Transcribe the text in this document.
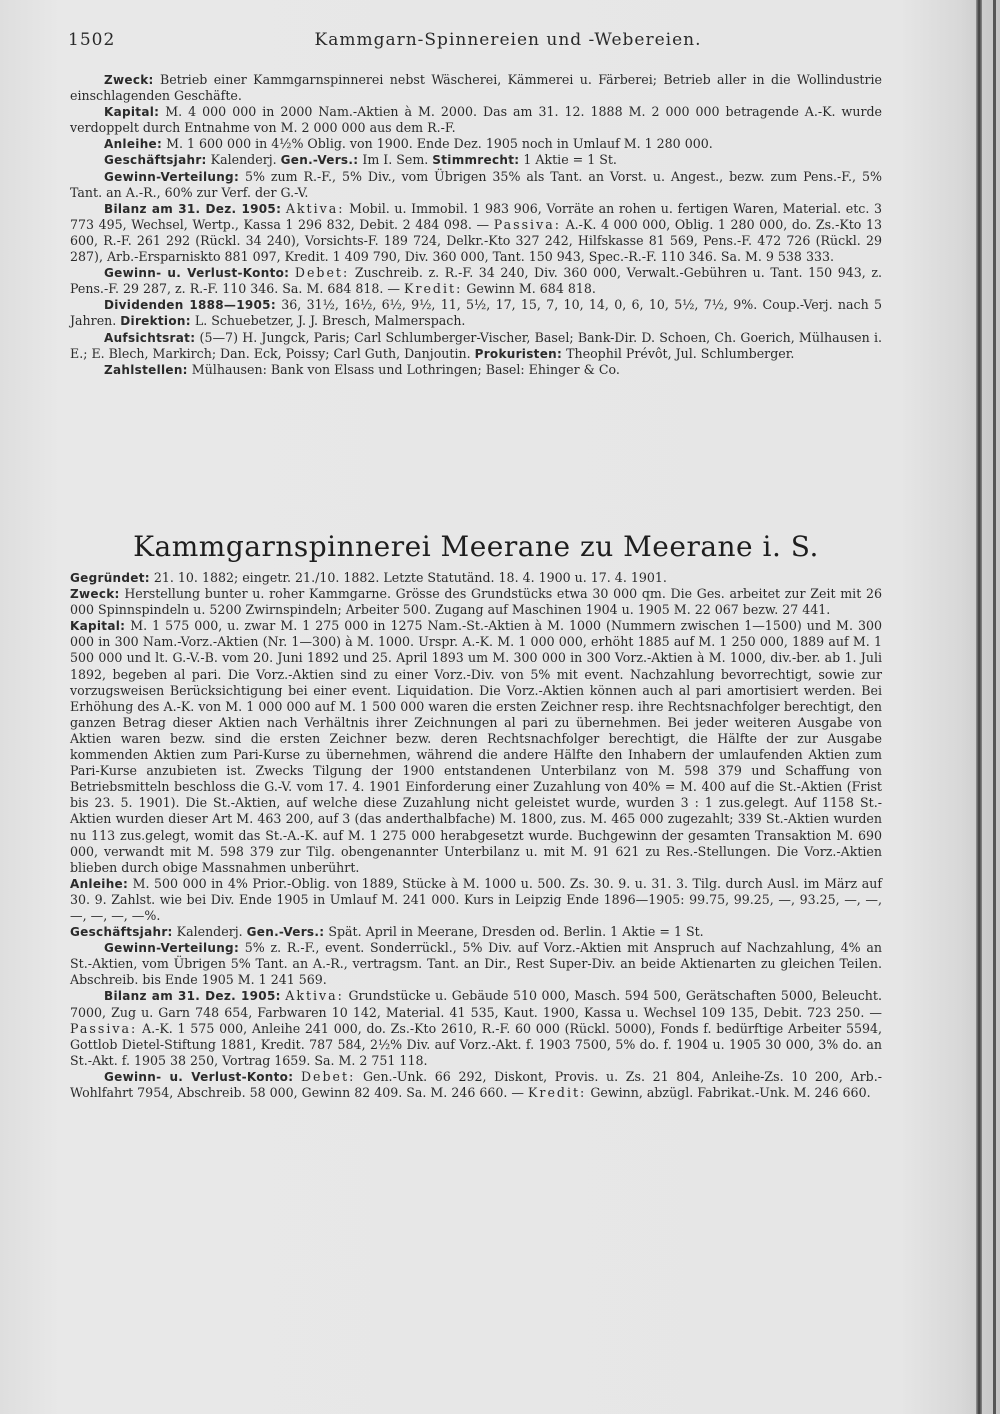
1502	Kammgarn-Spinnereien und -Webereien.

Zweck: Betrieb einer Kammgarnspinnerei nebst Wäscherei, Kämmerei u. Färberei; Betrieb aller in die Wollindustrie einschlagenden Geschäfte.

Kapital: M. 4 000 000 in 2000 Nam.-Aktien à M. 2000. Das am 31. 12. 1888 M. 2 000 000 betragende A.-K. wurde verdoppelt durch Entnahme von M. 2 000 000 aus dem R.-F.

Anleihe: M. 1 600 000 in 4½% Oblig. von 1900. Ende Dez. 1905 noch in Umlauf M. 1 280 000.

Geschäftsjahr: Kalenderj. Gen.-Vers.: Im I. Sem. Stimmrecht: 1 Aktie = 1 St.

Gewinn-Verteilung: 5% zum R.-F., 5% Div., vom Übrigen 35% als Tant. an Vorst. u. Angest., bezw. zum Pens.-F., 5% Tant. an A.-R., 60% zur Verf. der G.-V.

Bilanz am 31. Dez. 1905: Aktiva: Mobil. u. Immobil. 1 983 906, Vorräte an rohen u. fertigen Waren, Material. etc. 3 773 495, Wechsel, Wertp., Kassa 1 296 832, Debit. 2 484 098. — Passiva: A.-K. 4 000 000, Oblig. 1 280 000, do. Zs.-Kto 13 600, R.-F. 261 292 (Rückl. 34 240), Vorsichts-F. 189 724, Delkr.-Kto 327 242, Hilfskasse 81 569, Pens.-F. 472 726 (Rückl. 29 287), Arb.-Ersparniskto 881 097, Kredit. 1 409 790, Div. 360 000, Tant. 150 943, Spec.-R.-F. 110 346. Sa. M. 9 538 333.

Gewinn- u. Verlust-Konto: Debet: Zuschreib. z. R.-F. 34 240, Div. 360 000, Verwalt.-Gebühren u. Tant. 150 943, z. Pens.-F. 29 287, z. R.-F. 110 346. Sa. M. 684 818. — Kredit: Gewinn M. 684 818.

Dividenden 1888—1905: 36, 31½, 16½, 6½, 9½, 11, 5½, 17, 15, 7, 10, 14, 0, 6, 10, 5½, 7½, 9%. Coup.-Verj. nach 5 Jahren. Direktion: L. Schuebetzer, J. J. Bresch, Malmerspach.

Aufsichtsrat: (5—7) H. Jungck, Paris; Carl Schlumberger-Vischer, Basel; Bank-Dir. D. Schoen, Ch. Goerich, Mülhausen i. E.; E. Blech, Markirch; Dan. Eck, Poissy; Carl Guth, Danjoutin. Prokuristen: Theophil Prévôt, Jul. Schlumberger.

Zahlstellen: Mülhausen: Bank von Elsass und Lothringen; Basel: Ehinger & Co.

Kammgarnspinnerei Meerane zu Meerane i. S.

Gegründet: 21. 10. 1882; eingetr. 21./10. 1882. Letzte Statutänd. 18. 4. 1900 u. 17. 4. 1901.

Zweck: Herstellung bunter u. roher Kammgarne. Grösse des Grundstücks etwa 30 000 qm. Die Ges. arbeitet zur Zeit mit 26 000 Spinnspindeln u. 5200 Zwirnspindeln; Arbeiter 500. Zugang auf Maschinen 1904 u. 1905 M. 22 067 bezw. 27 441.

Kapital: M. 1 575 000, u. zwar M. 1 275 000 in 1275 Nam.-St.-Aktien à M. 1000 (Nummern zwischen 1—1500) und M. 300 000 in 300 Nam.-Vorz.-Aktien (Nr. 1—300) à M. 1000. Urspr. A.-K. M. 1 000 000, erhöht 1885 auf M. 1 250 000, 1889 auf M. 1 500 000 und lt. G.-V.-B. vom 20. Juni 1892 und 25. April 1893 um M. 300 000 in 300 Vorz.-Aktien à M. 1000, div.-ber. ab 1. Juli 1892, begeben al pari. Die Vorz.-Aktien sind zu einer Vorz.-Div. von 5% mit event. Nachzahlung bevorrechtigt, sowie zur vorzugsweisen Berücksichtigung bei einer event. Liquidation. Die Vorz.-Aktien können auch al pari amortisiert werden. Bei Erhöhung des A.-K. von M. 1 000 000 auf M. 1 500 000 waren die ersten Zeichner resp. ihre Rechtsnachfolger berechtigt, den ganzen Betrag dieser Aktien nach Verhältnis ihrer Zeichnungen al pari zu übernehmen. Bei jeder weiteren Ausgabe von Aktien waren bezw. sind die ersten Zeichner bezw. deren Rechtsnachfolger berechtigt, die Hälfte der zur Ausgabe kommenden Aktien zum Pari-Kurse zu übernehmen, während die andere Hälfte den Inhabern der umlaufenden Aktien zum Pari-Kurse anzubieten ist. Zwecks Tilgung der 1900 entstandenen Unterbilanz von M. 598 379 und Schaffung von Betriebsmitteln beschloss die G.-V. vom 17. 4. 1901 Einforderung einer Zuzahlung von 40% = M. 400 auf die St.-Aktien (Frist bis 23. 5. 1901). Die St.-Aktien, auf welche diese Zuzahlung nicht geleistet wurde, wurden 3 : 1 zus.gelegt. Auf 1158 St.-Aktien wurden dieser Art M. 463 200, auf 3 (das anderthalbfache) M. 1800, zus. M. 465 000 zugezahlt; 339 St.-Aktien wurden nu 113 zus.gelegt, womit das St.-A.-K. auf M. 1 275 000 herabgesetzt wurde. Buchgewinn der gesamten Transaktion M. 690 000, verwandt mit M. 598 379 zur Tilg. obengenannter Unterbilanz u. mit M. 91 621 zu Res.-Stellungen. Die Vorz.-Aktien blieben durch obige Massnahmen unberührt.

Anleihe: M. 500 000 in 4% Prior.-Oblig. von 1889, Stücke à M. 1000 u. 500. Zs. 30. 9. u. 31. 3. Tilg. durch Ausl. im März auf 30. 9. Zahlst. wie bei Div. Ende 1905 in Umlauf M. 241 000. Kurs in Leipzig Ende 1896—1905: 99.75, 99.25, —, 93.25, —, —, —, —, —, —%.

Geschäftsjahr: Kalenderj. Gen.-Vers.: Spät. April in Meerane, Dresden od. Berlin. 1 Aktie = 1 St.

Gewinn-Verteilung: 5% z. R.-F., event. Sonderrückl., 5% Div. auf Vorz.-Aktien mit Anspruch auf Nachzahlung, 4% an St.-Aktien, vom Übrigen 5% Tant. an A.-R., vertragsm. Tant. an Dir., Rest Super-Div. an beide Aktienarten zu gleichen Teilen. Abschreib. bis Ende 1905 M. 1 241 569.

Bilanz am 31. Dez. 1905: Aktiva: Grundstücke u. Gebäude 510 000, Masch. 594 500, Gerätschaften 5000, Beleucht. 7000, Zug u. Garn 748 654, Farbwaren 10 142, Material. 41 535, Kaut. 1900, Kassa u. Wechsel 109 135, Debit. 723 250. — Passiva: A.-K. 1 575 000, Anleihe 241 000, do. Zs.-Kto 2610, R.-F. 60 000 (Rückl. 5000), Fonds f. bedürftige Arbeiter 5594, Gottlob Dietel-Stiftung 1881, Kredit. 787 584, 2½% Div. auf Vorz.-Akt. f. 1903 7500, 5% do. f. 1904 u. 1905 30 000, 3% do. an St.-Akt. f. 1905 38 250, Vortrag 1659. Sa. M. 2 751 118.

Gewinn- u. Verlust-Konto: Debet: Gen.-Unk. 66 292, Diskont, Provis. u. Zs. 21 804, Anleihe-Zs. 10 200, Arb.-Wohlfahrt 7954, Abschreib. 58 000, Gewinn 82 409. Sa. M. 246 660. — Kredit: Gewinn, abzügl. Fabrikat.-Unk. M. 246 660.
